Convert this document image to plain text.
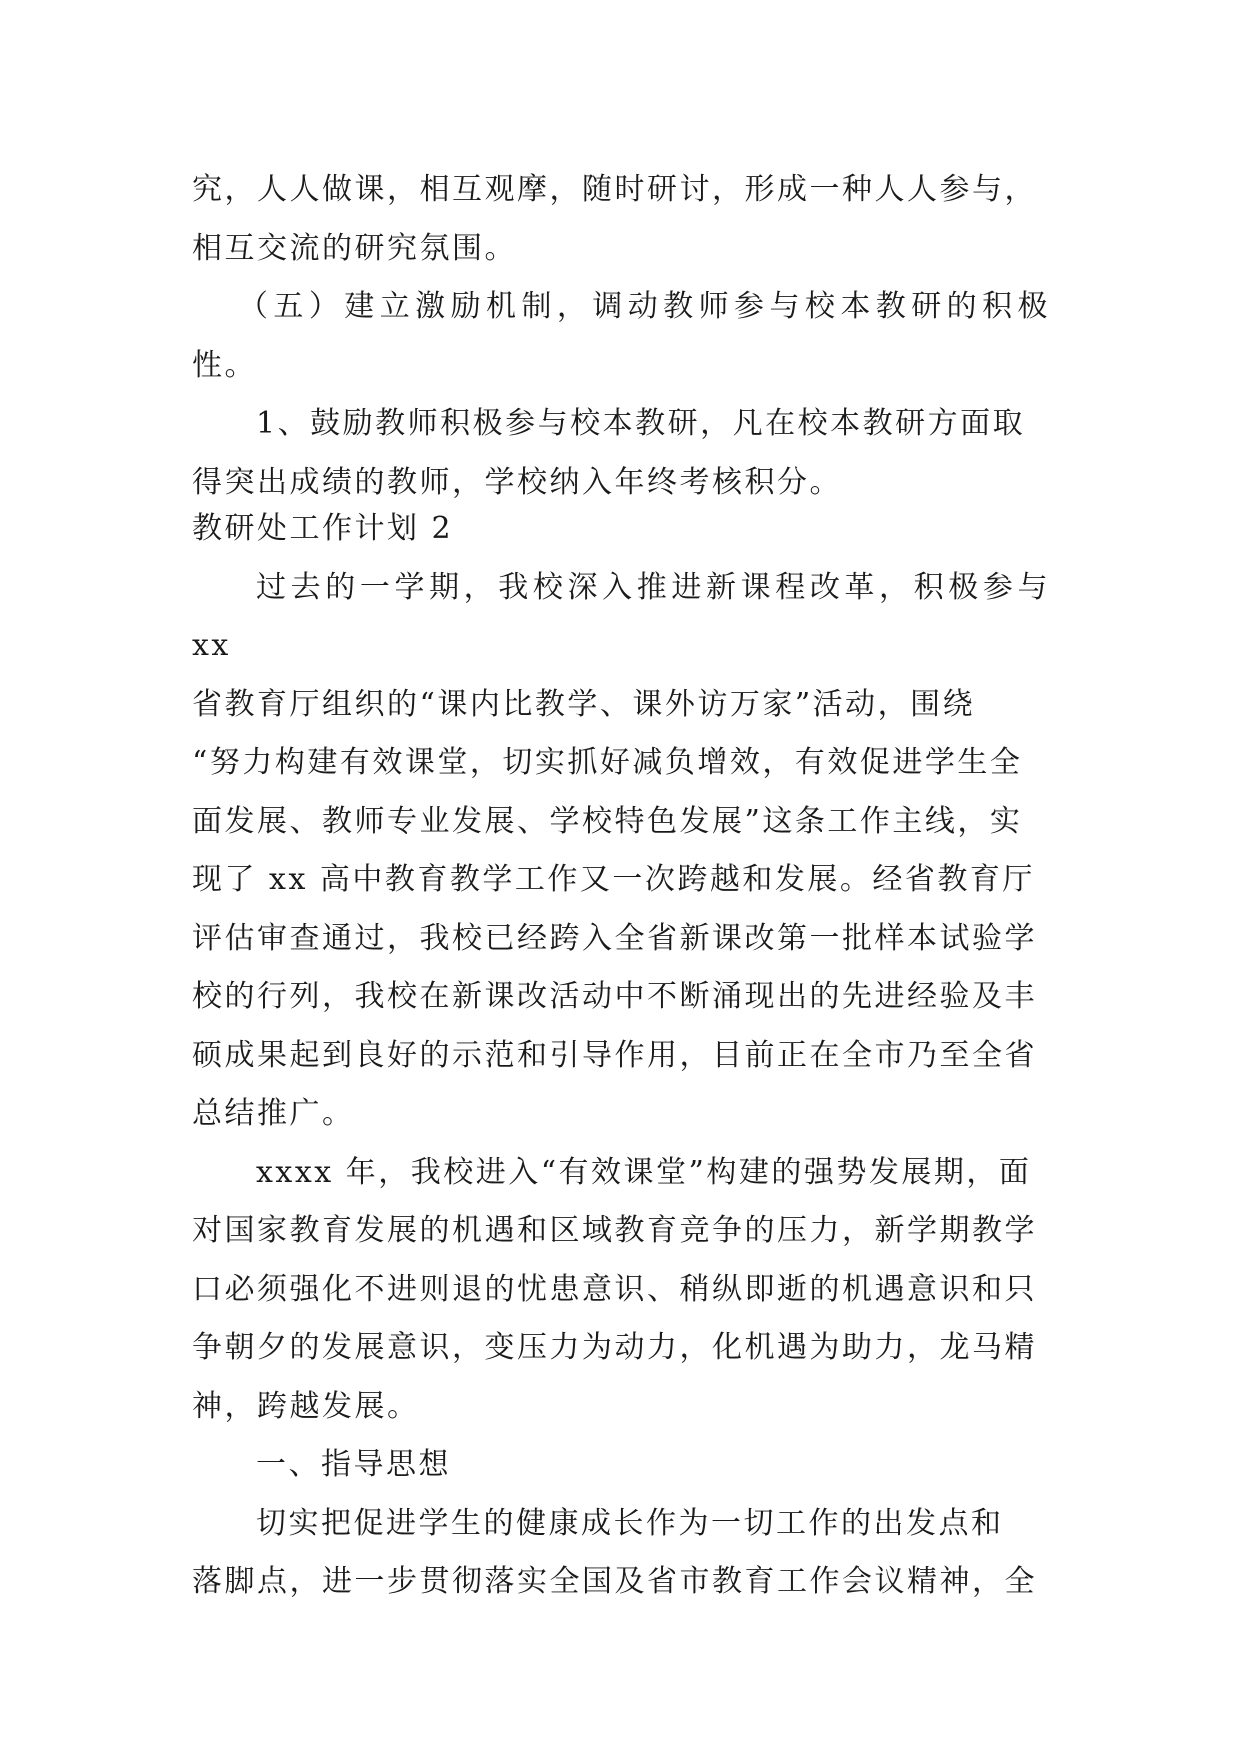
究，人人做课，相互观摩，随时研讨，形成一种人人参与，

相互交流的研究氛围。

（五）建立激励机制，调动教师参与校本教研的积极性。

1、鼓励教师积极参与校本教研，凡在校本教研方面取

得突出成绩的教师，学校纳入年终考核积分。

教研处工作计划 2

过去的一学期，我校深入推进新课程改革，积极参与 xx

省教育厅组织的“课内比教学、课外访万家”活动，围绕

“努力构建有效课堂，切实抓好减负增效，有效促进学生全

面发展、教师专业发展、学校特色发展”这条工作主线，实

现了 xx 高中教育教学工作又一次跨越和发展。经省教育厅

评估审查通过，我校已经跨入全省新课改第一批样本试验学

校的行列，我校在新课改活动中不断涌现出的先进经验及丰

硕成果起到良好的示范和引导作用，目前正在全市乃至全省

总结推广。

xxxx 年，我校进入“有效课堂”构建的强势发展期，面

对国家教育发展的机遇和区域教育竞争的压力，新学期教学

口必须强化不进则退的忧患意识、稍纵即逝的机遇意识和只

争朝夕的发展意识，变压力为动力，化机遇为助力，龙马精

神，跨越发展。

一、指导思想

切实把促进学生的健康成长作为一切工作的出发点和

落脚点，进一步贯彻落实全国及省市教育工作会议精神，全
